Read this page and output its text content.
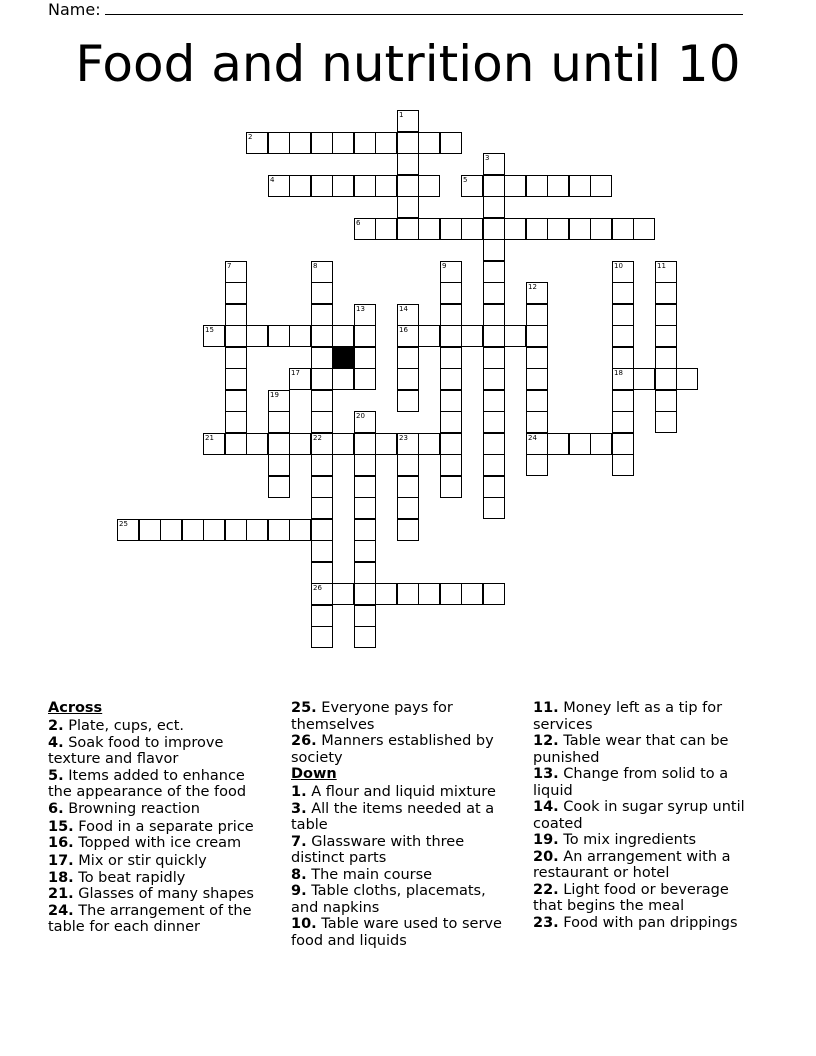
Name:
Food and nutrition until 10
2
4	5
6
15	16
17	18
21	22	23	24
25
26
1
3
7	8	9	10	11
12
13	14
19
20

Across

2. Plate, cups, ect.

4. Soak food to improve texture and flavor

5. Items added to enhance the appearance of the food

6. Browning reaction

15. Food in a separate price

16. Topped with ice cream

17. Mix or stir quickly

18. To beat rapidly

21. Glasses of many shapes

24. The arrangement of the table for each dinner

25. Everyone pays for themselves

26. Manners established by society

Down

1. A flour and liquid mixture

3. All the items needed at a table

7. Glassware with three distinct parts

8. The main course

9. Table cloths, placemats, and napkins

10. Table ware used to serve food and liquids

11. Money left as a tip for services

12. Table wear that can be punished

13. Change from solid to a liquid

14. Cook in sugar syrup until coated

19. To mix ingredients

20. An arrangement with a restaurant or hotel

22. Light food or beverage that begins the meal

23. Food with pan drippings
